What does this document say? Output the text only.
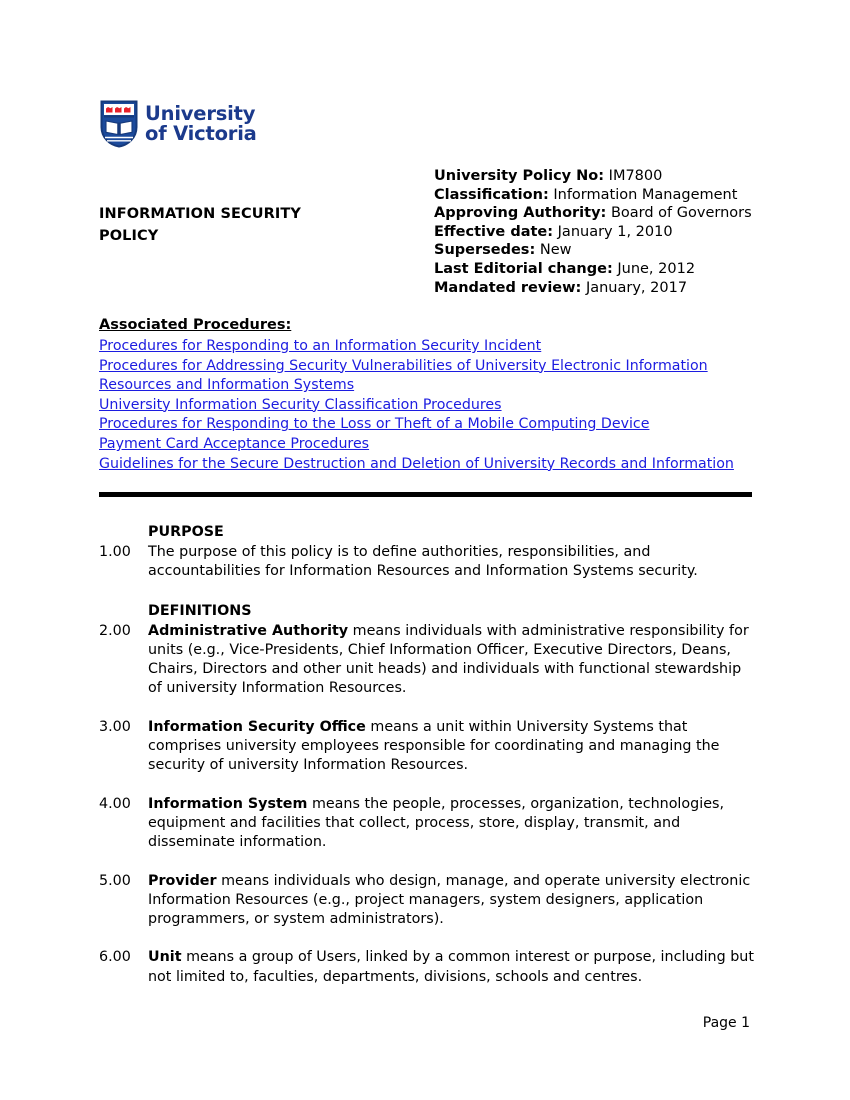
University
of Victoria
INFORMATION SECURITY
POLICY
University Policy No: IM7800
Classification: Information Management
Approving Authority: Board of Governors
Effective date: January 1, 2010
Supersedes: New
Last Editorial change: June, 2012
Mandated review: January, 2017
Associated Procedures:
Procedures for Responding to an Information Security Incident
Procedures for Addressing Security Vulnerabilities of University Electronic Information Resources and Information Systems
University Information Security Classification Procedures
Procedures for Responding to the Loss or Theft of a Mobile Computing Device
Payment Card Acceptance Procedures
Guidelines for the Secure Destruction and Deletion of University Records and Information
PURPOSE
1.00	The purpose of this policy is to define authorities, responsibilities, and accountabilities for Information Resources and Information Systems security.
DEFINITIONS
2.00	Administrative Authority means individuals with administrative responsibility for units (e.g., Vice-Presidents, Chief Information Officer, Executive Directors, Deans, Chairs, Directors and other unit heads) and individuals with functional stewardship of university Information Resources.
3.00	Information Security Office means a unit within University Systems that comprises university employees responsible for coordinating and managing the security of university Information Resources.
4.00	Information System means the people, processes, organization, technologies, equipment and facilities that collect, process, store, display, transmit, and disseminate information.
5.00	Provider means individuals who design, manage, and operate university electronic Information Resources (e.g., project managers, system designers, application programmers, or system administrators).
6.00	Unit means a group of Users, linked by a common interest or purpose, including but not limited to, faculties, departments, divisions, schools and centres.
Page 1
